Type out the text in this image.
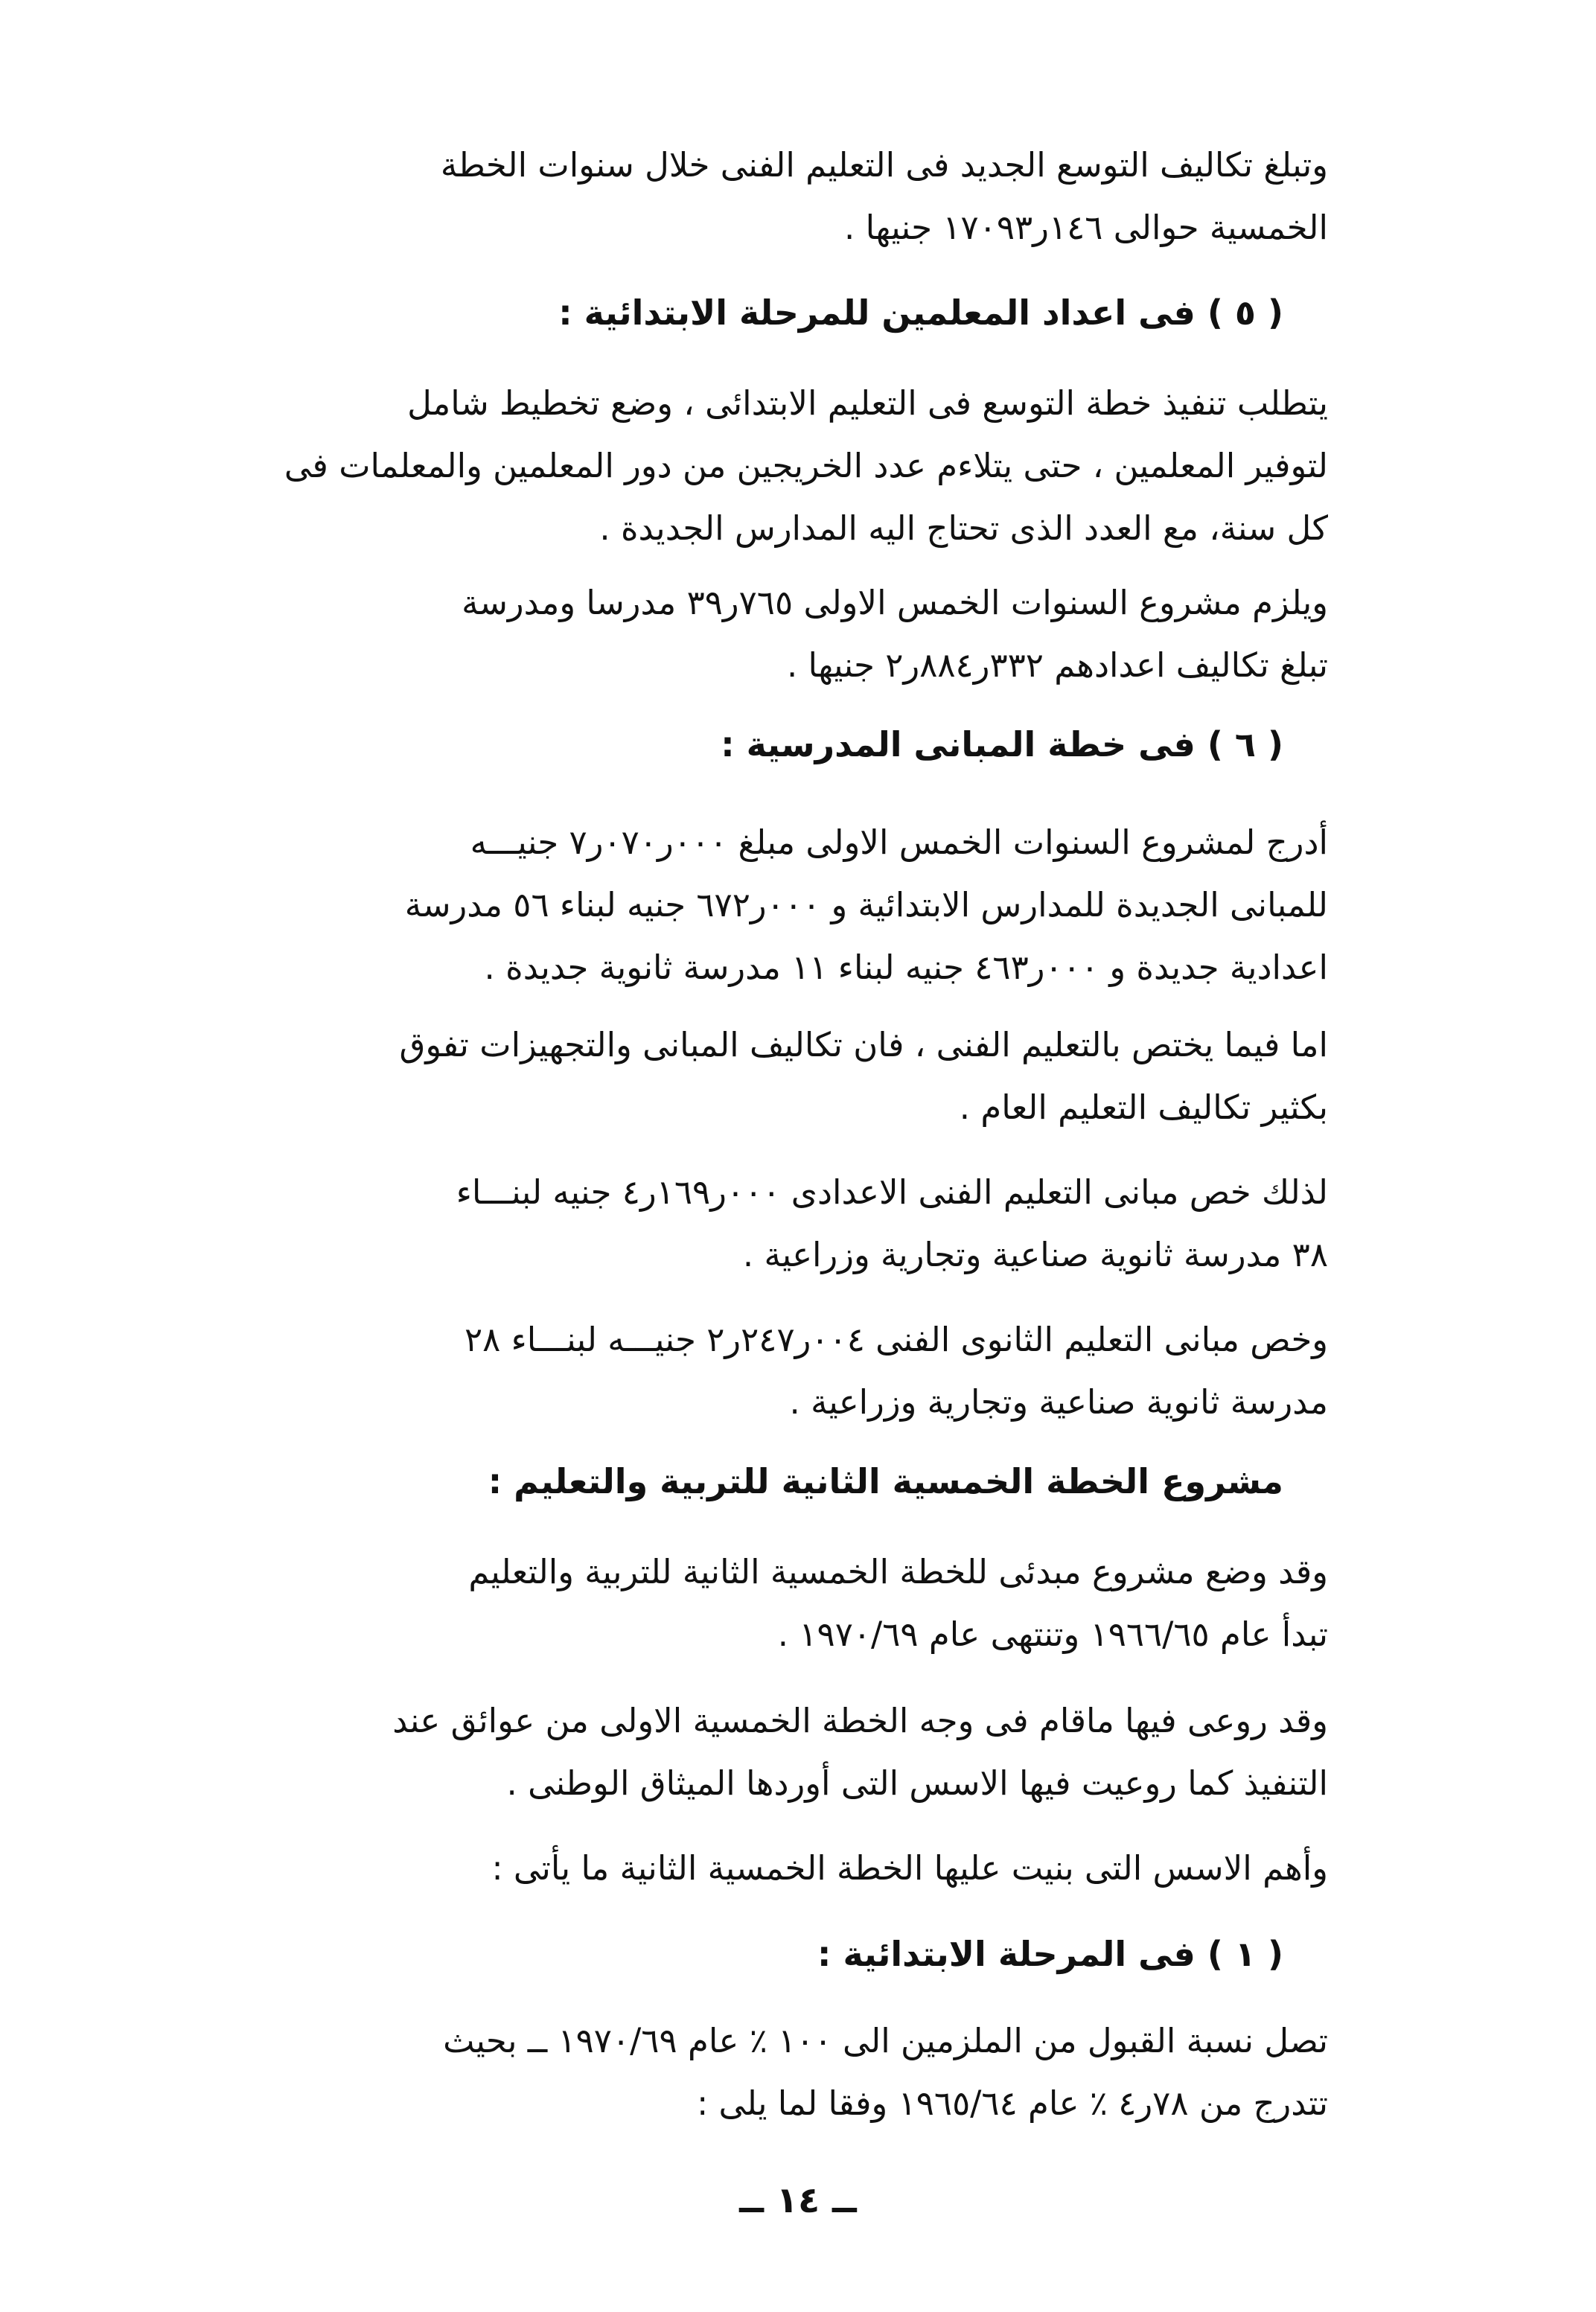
وتبلغ تكاليف التوسع الجديد فى التعليم الفنى خلال سنوات الخطة
الخمسية حوالى ١٤٦ر١٧٠٩٣ جنيها .

( ٥ ) فى اعداد المعلمين للمرحلة الابتدائية :

يتطلب تنفيذ خطة التوسع فى التعليم الابتدائى ، وضع تخطيط شامل
لتوفير المعلمين ، حتى يتلاءم عدد الخريجين من دور المعلمين والمعلمات فى
كل سنة، مع العدد الذى تحتاج اليه المدارس الجديدة .

ويلزم مشروع السنوات الخمس الاولى ٧٦٥ر٣٩ مدرسا ومدرسة
تبلغ تكاليف اعدادهم ٣٣٢ر٨٨٤ر٢ جنيها .

( ٦ ) فى خطة المبانى المدرسية :

أدرج لمشروع السنوات الخمس الاولى مبلغ ٠٠٠ر٠٧٠ر٧ جنيـــه
للمبانى الجديدة للمدارس الابتدائية و ٠٠٠ر٦٧٢ جنيه لبناء ٥٦ مدرسة
اعدادية جديدة و ٠٠٠ر٤٦٣ جنيه لبناء ١١ مدرسة ثانوية جديدة .

اما فيما يختص بالتعليم الفنى ، فان تكاليف المبانى والتجهيزات تفوق
بكثير تكاليف التعليم العام .

لذلك خص مبانى التعليم الفنى الاعدادى ٠٠٠ر١٦٩ر٤ جنيه لبنـــاء
٣٨ مدرسة ثانوية صناعية وتجارية وزراعية .

وخص مبانى التعليم الثانوى الفنى ٠٠٤ر٢٤٧ر٢ جنيـــه لبنـــاء ٢٨
مدرسة ثانوية صناعية وتجارية وزراعية .

مشروع الخطة الخمسية الثانية للتربية والتعليم :

وقد وضع مشروع مبدئى للخطة الخمسية الثانية للتربية والتعليم
تبدأ عام ١٩٦٦/٦٥ وتنتهى عام ١٩٧٠/٦٩ .

وقد روعى فيها ماقام فى وجه الخطة الخمسية الاولى من عوائق عند
التنفيذ كما روعيت فيها الاسس التى أوردها الميثاق الوطنى .

وأهم الاسس التى بنيت عليها الخطة الخمسية الثانية ما يأتى :

( ١ ) فى المرحلة الابتدائية :

تصل نسبة القبول من الملزمين الى ١٠٠ ٪ عام ١٩٧٠/٦٩ ــ بحيث
تتدرج من ٧٨ر٤ ٪ عام ١٩٦٥/٦٤ وفقا لما يلى :

ــ ١٤ ــ
